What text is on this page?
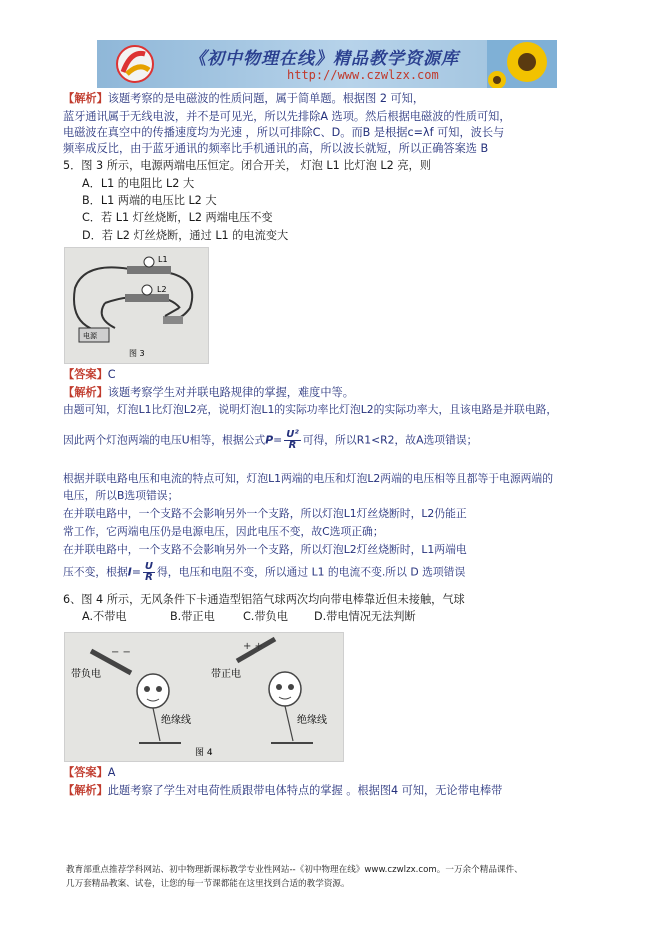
《初中物理在线》精品教学资源库
http://www.czwlzx.com
【解析】该题考察的是电磁波的性质问题，属于简单题。根据图 2 可知，
蓝牙通讯属于无线电波，并不是可见光，所以先排除A 选项。然后根据电磁波的性质可知，
电磁波在真空中的传播速度均为光速 ，所以可排除C、D。而B 是根据c=λf 可知，波长与
频率成反比，由于蓝牙通讯的频率比手机通讯的高，所以波长就短，所以正确答案选 B
5．图 3 所示，电源两端电压恒定。闭合开关， 灯泡 L1 比灯泡 L2 亮，则
A．L1 的电阻比 L2 大
B．L1 两端的电压比 L2 大
C．若 L1 灯丝烧断，L2 两端电压不变
D．若 L2 灯丝烧断，通过 L1 的电流变大
L1
L2
电源
图 3
【答案】C
【解析】该题考察学生对并联电路规律的掌握，难度中等。
由题可知，灯泡L1比灯泡L2亮，说明灯泡L1的实际功率比灯泡L2的实际功率大，且该电路是并联电路，
因此两个灯泡两端的电压U相等，根据公式$P= \frac{\text{U²}}{R}$ 可得，所以R1<R2，故A选项错误；
根据并联电路电压和电流的特点可知，灯泡L1两端的电压和灯泡L2两端的电压相等且都等于电源两端的
电压，所以B选项错误；
在并联电路中，一个支路不会影响另外一个支路，所以灯泡L1灯丝烧断时，L2仍能正
常工作，它两端电压仍是电源电压，因此电压不变，故C选项正确；
在并联电路中，一个支路不会影响另外一个支路，所以灯泡L2灯丝烧断时，L1两端电
压不变，根据$I= \frac{U}{R}$ 得，电压和电阻不变，所以通过 L1 的电流不变.所以 D 选项错误
6、图 4 所示，无风条件下卡通造型铝箔气球两次均向带电棒靠近但未接触，气球
A.不带电	B.带正电	C.带负电 D.带电情况无法判断
− −
带负电
绝缘线
+ +
带正电
绝缘线
图 4
【答案】A
【解析】此题考察了学生对电荷性质跟带电体特点的掌握 。根据图4 可知，无论带电棒带
教育部重点推荐学科网站、初中物理新课标教学专业性网站--《初中物理在线》www.czwlzx.com。一万余个精品课件、
几万套精品教案、试卷，让您的每一节课都能在这里找到合适的教学资源。
